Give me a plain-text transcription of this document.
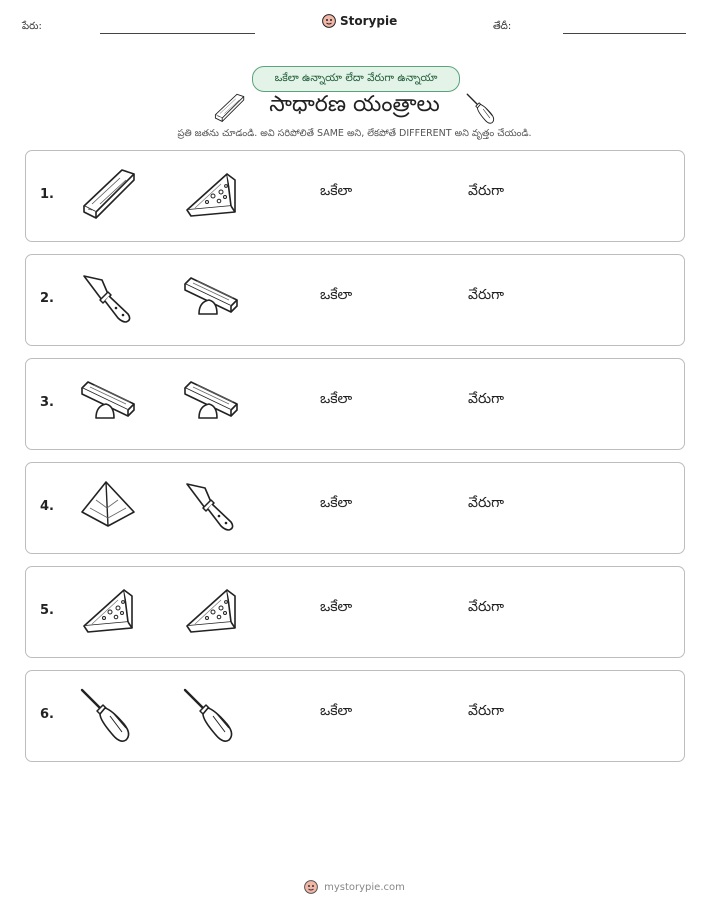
పేరు:	Storypie	తేదీ:
ఒకేలా ఉన్నాయా లేదా వేరుగా ఉన్నాయా
సాధారణ యంత్రాలు
ప్రతి జతను చూడండి. అవి సరిపోలితే SAME అని, లేకపోతే DIFFERENT అని వృత్తం చేయండి.
1.	ఒకేలా	వేరుగా
2.	ఒకేలా	వేరుగా
3.	ఒకేలా	వేరుగా
4.	ఒకేలా	వేరుగా
5.	ఒకేలా	వేరుగా
6.	ఒకేలా	వేరుగా
mystorypie.com
